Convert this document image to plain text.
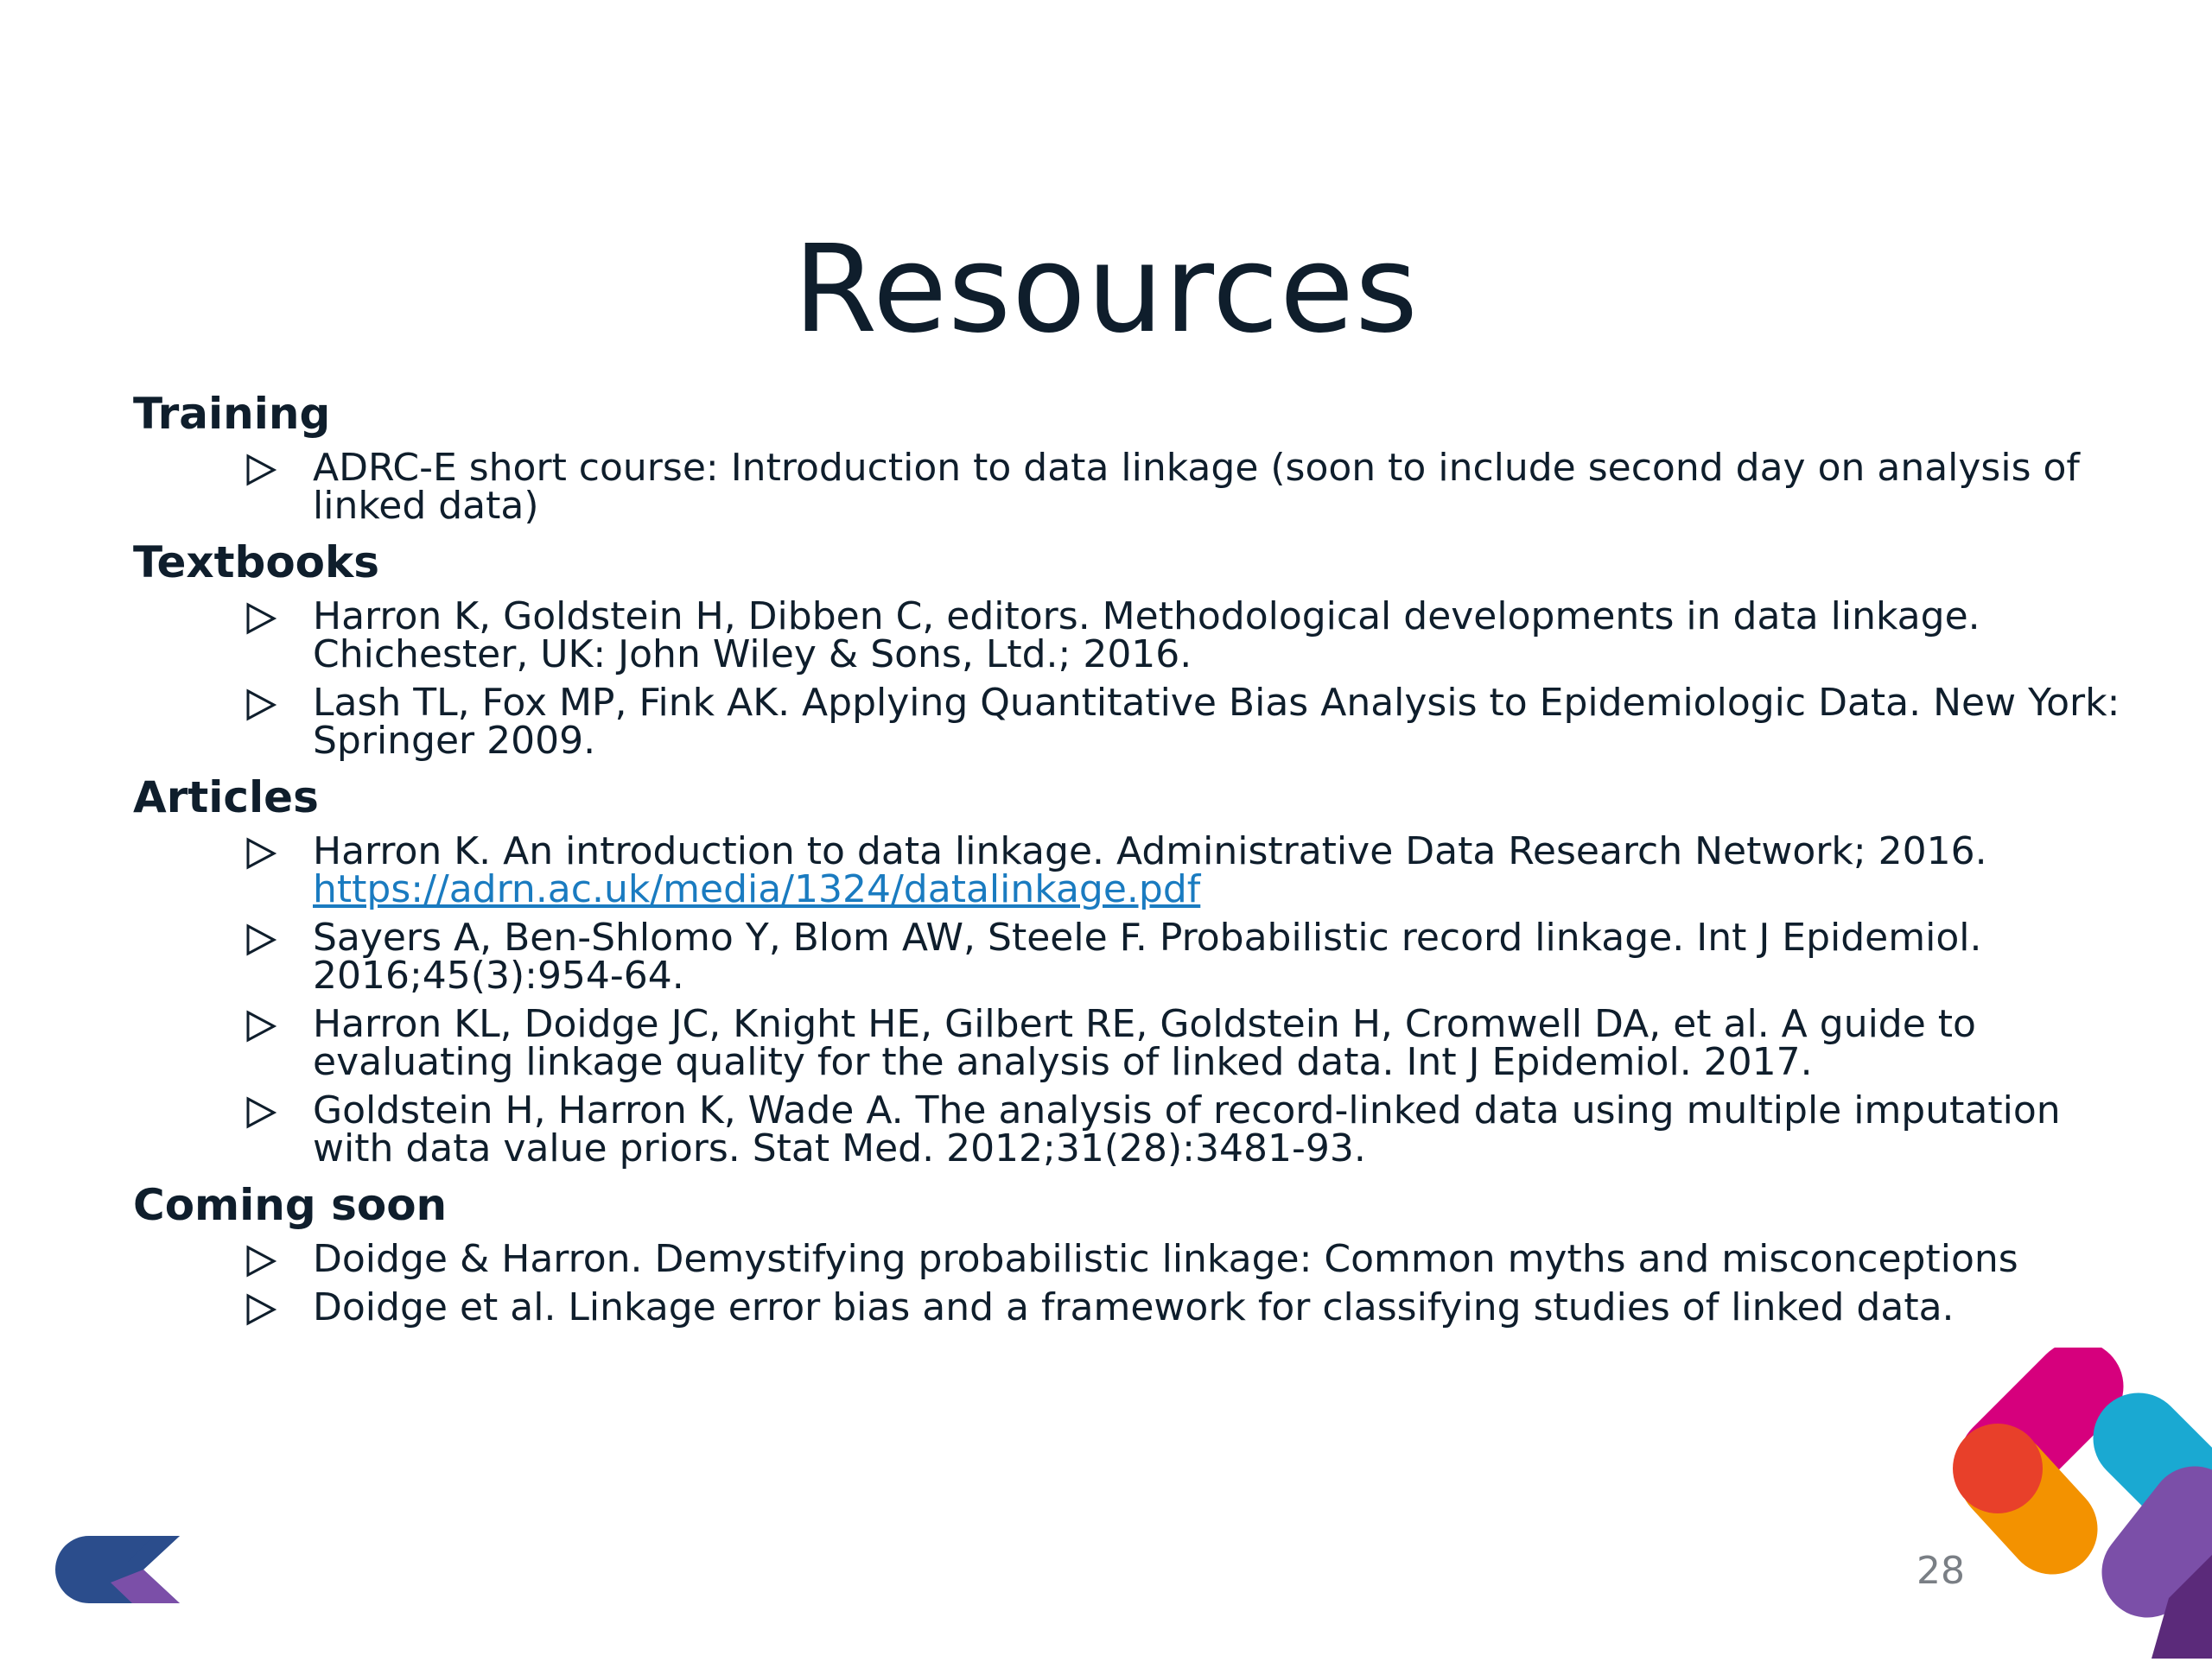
Resources
Training
ADRC-E short course: Introduction to data linkage (soon to include second day on analysis of linked data)
Textbooks
Harron K, Goldstein H, Dibben C, editors. Methodological developments in data linkage. Chichester, UK: John Wiley & Sons, Ltd.; 2016.
Lash TL, Fox MP, Fink AK. Applying Quantitative Bias Analysis to Epidemiologic Data. New York: Springer 2009.
Articles
Harron K. An introduction to data linkage. Administrative Data Research Network; 2016. https://adrn.ac.uk/media/1324/datalinkage.pdf
Sayers A, Ben-Shlomo Y, Blom AW, Steele F. Probabilistic record linkage. Int J Epidemiol. 2016;45(3):954-64.
Harron KL, Doidge JC, Knight HE, Gilbert RE, Goldstein H, Cromwell DA, et al. A guide to evaluating linkage quality for the analysis of linked data. Int J Epidemiol. 2017.
Goldstein H, Harron K, Wade A. The analysis of record-linked data using multiple imputation with data value priors. Stat Med. 2012;31(28):3481-93.
Coming soon
Doidge & Harron. Demystifying probabilistic linkage: Common myths and misconceptions
Doidge et al. Linkage error bias and a framework for classifying studies of linked data.
28
